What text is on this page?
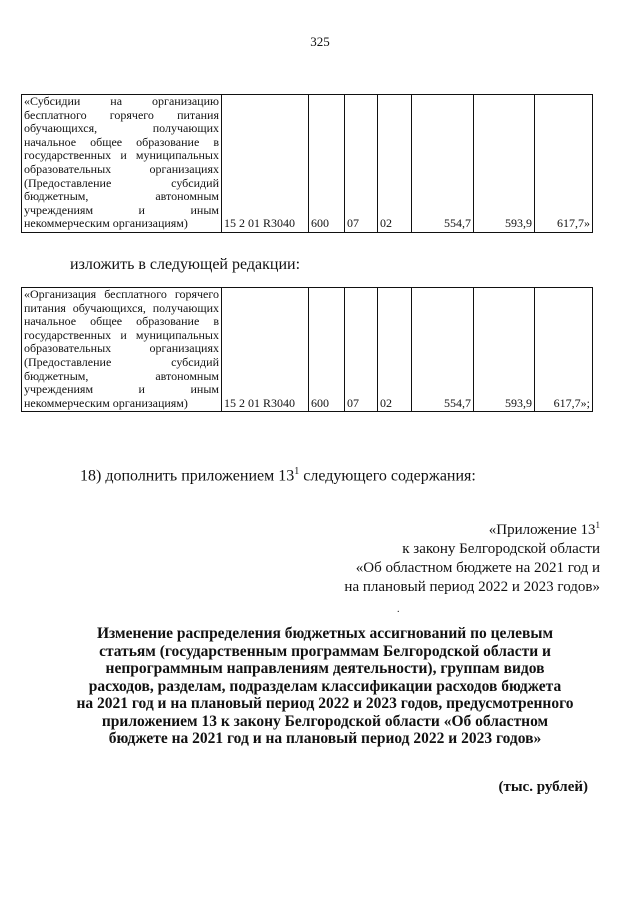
325
«Субсидии на организацию бесплатного горячего питания обучающихся, получающих начальное общее образование в государственных и муниципальных образовательных организациях (Предоставление субсидий бюджетным, автономным учреждениям и иным некоммерческим организациям)	15 2 01 R3040	600	07	02	554,7	593,9	617,7»
изложить в следующей редакции:
«Организация бесплатного горячего питания обучающихся, получающих начальное общее образование в государственных и муниципальных образовательных организациях (Предоставление субсидий бюджетным, автономным учреждениям и иным некоммерческим организациям)	15 2 01 R3040	600	07	02	554,7	593,9	617,7»;
18) дополнить приложением $13^1$ следующего содержания:
«Приложение $13^1$
к закону Белгородской области
«Об областном бюджете на 2021 год и
на плановый период 2022 и 2023 годов»
.
Изменение распределения бюджетных ассигнований по целевым
статьям (государственным программам Белгородской области и
непрограммным направлениям деятельности), группам видов
расходов, разделам, подразделам классификации расходов бюджета
на 2021 год и на плановый период 2022 и 2023 годов, предусмотренного
приложением 13 к закону Белгородской области «Об областном
бюджете на 2021 год и на плановый период 2022 и 2023 годов»
(тыс. рублей)
